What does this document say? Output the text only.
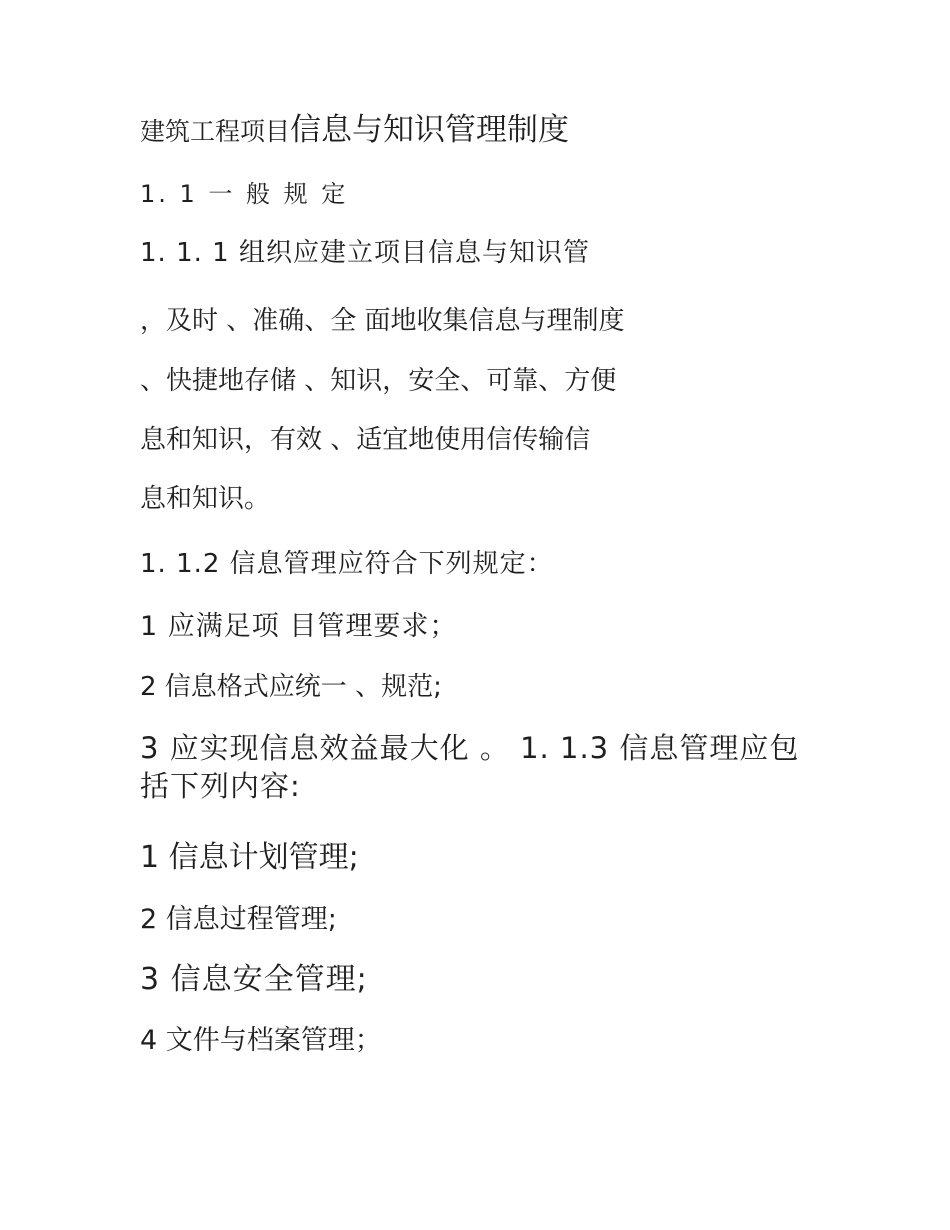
建筑工程项目信息与知识管理制度
1. 1 一 般 规 定
1. 1. 1 组织应建立项目信息与知识管
，及时 、准确、全 面地收集信息与理制度
、快捷地存储 、知识，安全、可靠、方便
息和知识，有效 、适宜地使用信传输信
息和知识。
1. 1.2 信息管理应符合下列规定：
1 应满足项 目管理要求；
2 信息格式应统一 、规范;
3 应实现信息效益最大化 。 1. 1.3 信息管理应包括下列内容:
1 信息计划管理;
2 信息过程管理;
3 信息安全管理;
4 文件与档案管理；
